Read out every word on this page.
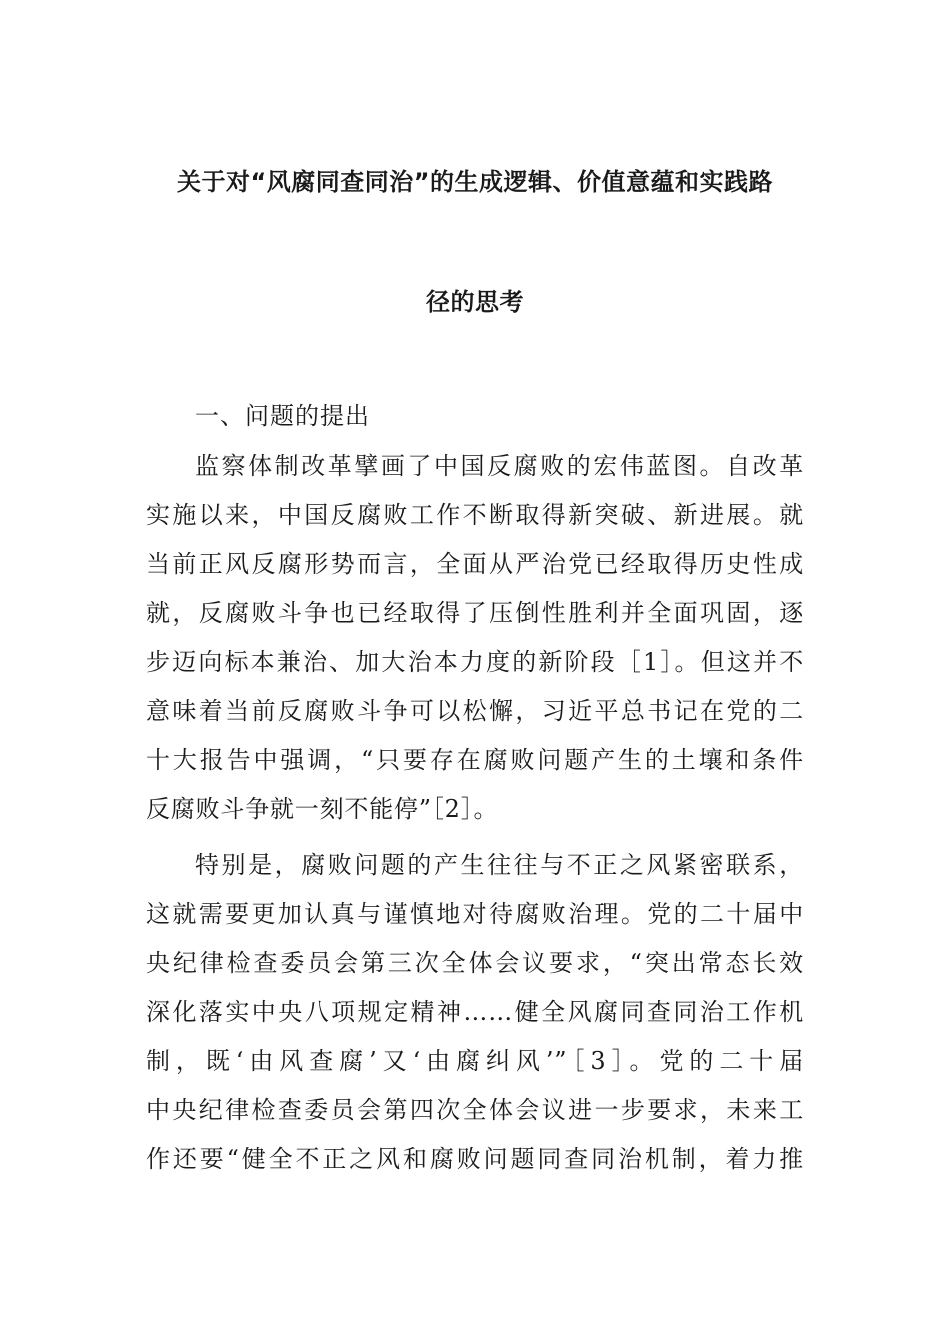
关于对“风腐同查同治”的生成逻辑、价值意蕴和实践路
径的思考
一、问题的提出
监察体制改革擘画了中国反腐败的宏伟蓝图。自改革
实施以来，中国反腐败工作不断取得新突破、新进展。就
当前正风反腐形势而言，全面从严治党已经取得历史性成
就，反腐败斗争也已经取得了压倒性胜利并全面巩固，逐
步迈向标本兼治、加大治本力度的新阶段［1］。但这并不
意味着当前反腐败斗争可以松懈，习近平总书记在党的二
十大报告中强调，“只要存在腐败问题产生的土壤和条件
反腐败斗争就一刻不能停”［2］。
特别是，腐败问题的产生往往与不正之风紧密联系，
这就需要更加认真与谨慎地对待腐败治理。党的二十届中
央纪律检查委员会第三次全体会议要求，“突出常态长效
深化落实中央八项规定精神……健全风腐同查同治工作机
制，既‘由风查腐’又‘由腐纠风’”［3］。党的二十届
中央纪律检查委员会第四次全体会议进一步要求，未来工
作还要“健全不正之风和腐败问题同查同治机制，着力推
